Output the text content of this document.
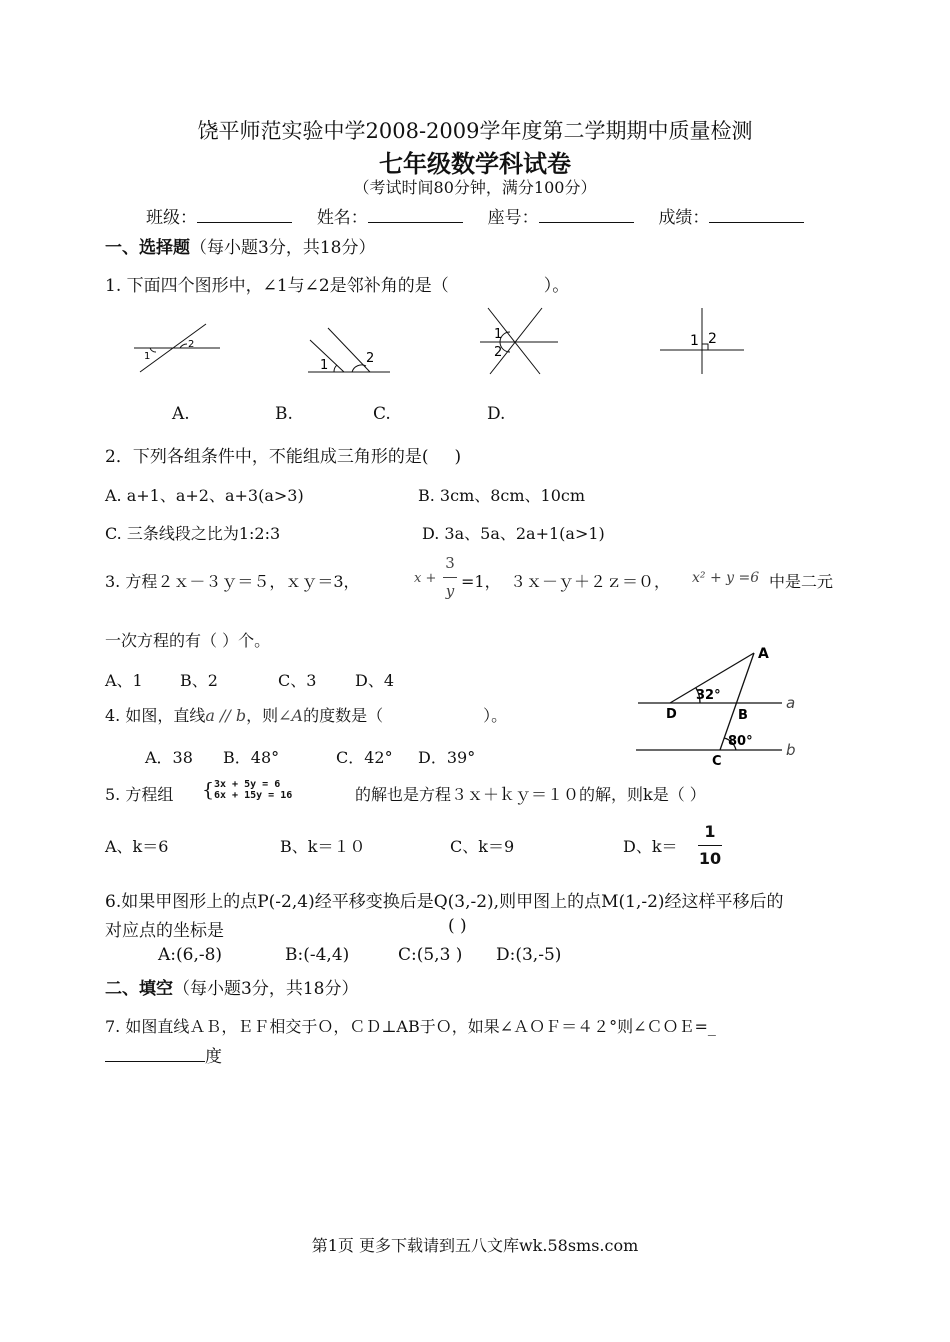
饶平师范实验中学2008-2009学年度第二学期期中质量检测
七年级数学科试卷
（考试时间80分钟，满分100分）
班级：	姓名：	座号：	成绩：
一、选择题（每小题3分，共18分）
1. 下面四个图形中，∠1与∠2是邻补角的是（	）。
1
2
1	2
1
2
1 2
A.	B.	C.	D.
2．下列各组条件中，不能组成三角形的是( )
A. a+1、a+2、a+3(a>3)	B. 3cm、8cm、10cm
C. 三条线段之比为1:2:3	D. 3a、5a、2a+1(a>1)
3. 方程２ｘ－３ｙ＝５，ｘｙ＝3，	x +
3
y =1， ３ｘ－ｙ＋２ｚ＝０， x² + y =6 中是二元
一次方程的有（ ）个。
A、1 B、2	C、3 D、4
4. 如图，直线a // b，则∠A的度数是（	）。
A．38 B．48°	C．42° D．39°
A
D	B
C
32°
80°
a
b
5. 方程组 { 3x + 5y = 6
6x + 15y = 16	的解也是方程３ｘ＋ｋｙ＝１０的解，则k是（ ）
A、k＝6	B、k＝１０	C、k＝9	D、k＝
1
10
6.如果甲图形上的点P(-2,4)经平移变换后是Q(3,-2),则甲图上的点M(1,-2)经这样平移后的
对应点的坐标是	( )
A:(6,-8)	B:(-4,4)	C:(5,3 ) D:(3,-5)
二、填空（每小题3分，共18分）
7. 如图直线ＡＢ，ＥＦ相交于Ｏ，ＣＤ⊥AB于Ｏ，如果∠ＡＯＦ＝４２°则∠ＣＯＥ=_
度
第1页 更多下载请到五八文库wk.58sms.com
